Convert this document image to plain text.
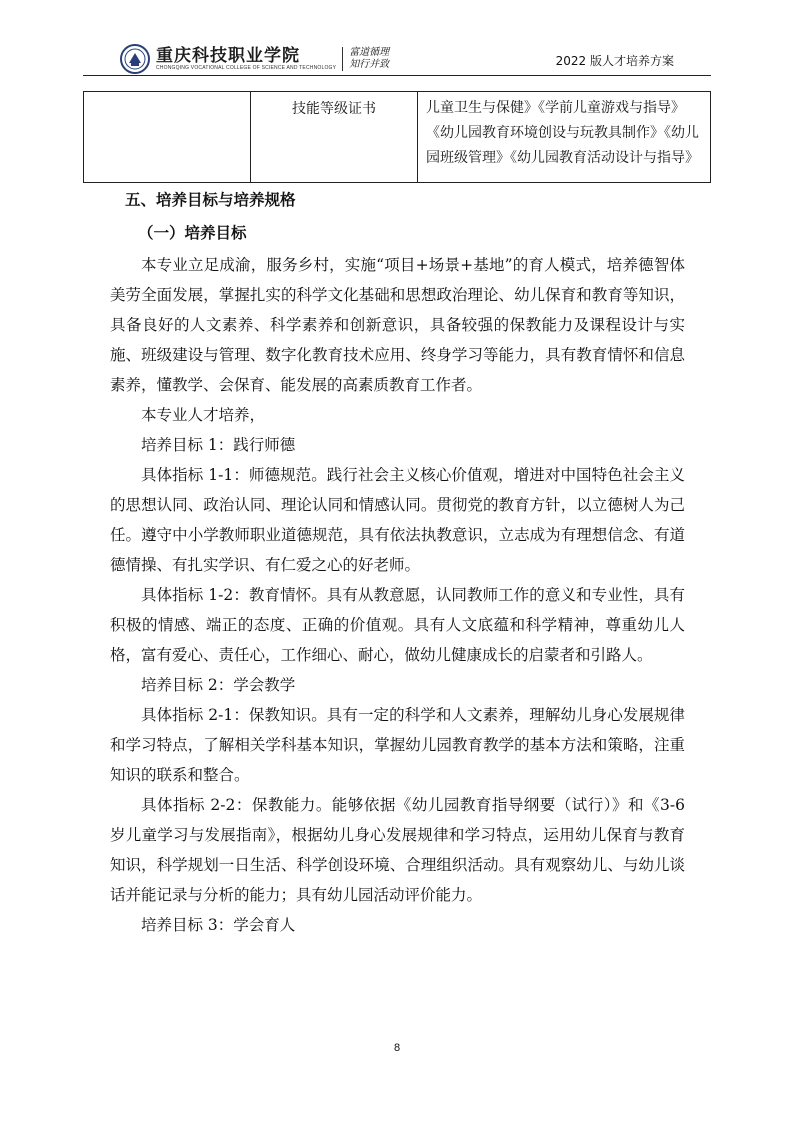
重庆科技职业学院
CHONGQING VOCATIONAL COLLEGE OF SCIENCE AND TECHNOLOGY
富道循理
知行并致	2022 版人才培养方案
	技能等级证书	儿童卫生与保健》《学前儿童游戏与指导》《幼儿园教育环境创设与玩教具制作》《幼儿园班级管理》《幼儿园教育活动设计与指导》
五、培养目标与培养规格
（一）培养目标

本专业立足成渝，服务乡村，实施“项目+场景+基地”的育人模式，培养德智体美劳全面发展，掌握扎实的科学文化基础和思想政治理论、幼儿保育和教育等知识，具备良好的人文素养、科学素养和创新意识，具备较强的保教能力及课程设计与实施、班级建设与管理、数字化教育技术应用、终身学习等能力，具有教育情怀和信息素养，懂教学、会保育、能发展的高素质教育工作者。

本专业人才培养，

培养目标 1：践行师德

具体指标 1-1：师德规范。践行社会主义核心价值观，增进对中国特色社会主义的思想认同、政治认同、理论认同和情感认同。贯彻党的教育方针，以立德树人为己任。遵守中小学教师职业道德规范，具有依法执教意识，立志成为有理想信念、有道德情操、有扎实学识、有仁爱之心的好老师。

具体指标 1-2：教育情怀。具有从教意愿，认同教师工作的意义和专业性，具有积极的情感、端正的态度、正确的价值观。具有人文底蕴和科学精神，尊重幼儿人格，富有爱心、责任心，工作细心、耐心，做幼儿健康成长的启蒙者和引路人。

培养目标 2：学会教学

具体指标 2-1：保教知识。具有一定的科学和人文素养，理解幼儿身心发展规律和学习特点，了解相关学科基本知识，掌握幼儿园教育教学的基本方法和策略，注重知识的联系和整合。

具体指标 2-2：保教能力。能够依据《幼儿园教育指导纲要（试行）》和《3-6 岁儿童学习与发展指南》，根据幼儿身心发展规律和学习特点，运用幼儿保育与教育知识，科学规划一日生活、科学创设环境、合理组织活动。具有观察幼儿、与幼儿谈话并能记录与分析的能力；具有幼儿园活动评价能力。

培养目标 3：学会育人

8
